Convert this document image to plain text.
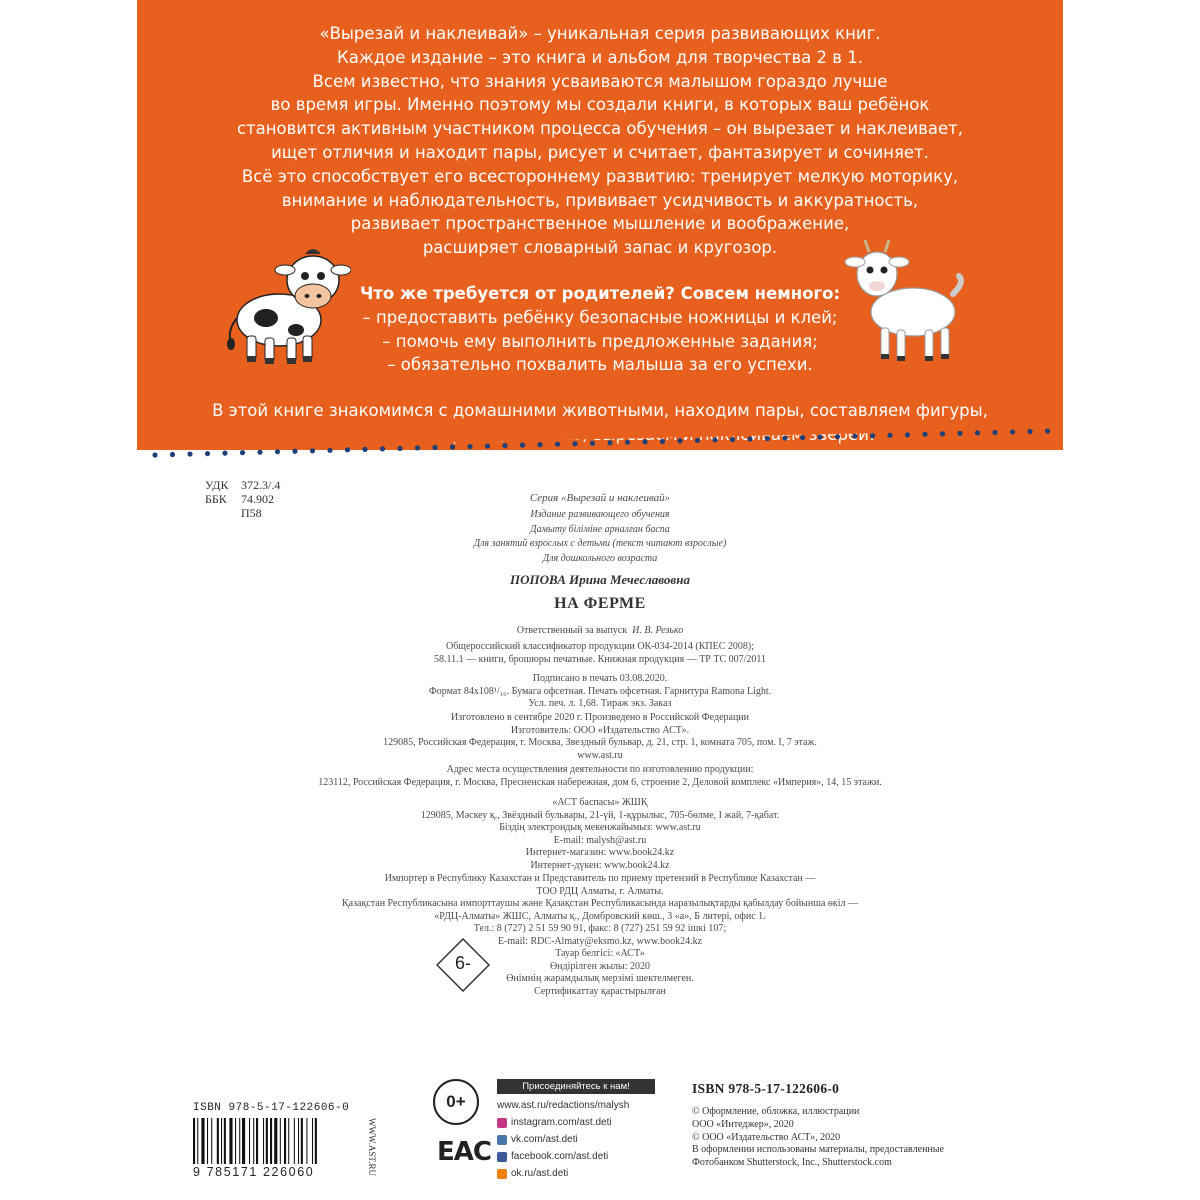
«Вырезай и наклеивай» – уникальная серия развивающих книг.
Каждое издание – это книга и альбом для творчества 2 в 1.
Всем известно, что знания усваиваются малышом гораздо лучше
во время игры. Именно поэтому мы создали книги, в которых ваш ребёнок
становится активным участником процесса обучения – он вырезает и наклеивает,
ищет отличия и находит пары, рисует и считает, фантазирует и сочиняет.
Всё это способствует его всестороннему развитию: тренирует мелкую моторику,
внимание и наблюдательность, прививает усидчивость и аккуратность,
развивает пространственное мышление и воображение,
расширяет словарный запас и кругозор.
Что же требуется от родителей? Совсем немного:
– предоставить ребёнку безопасные ножницы и клей;
– помочь ему выполнить предложенные задания;
– обязательно похвалить малыша за его успехи.
В этой книге знакомимся с домашними животными, находим пары, составляем фигуры,
УДК 372.3/.4
ББК 74.902
П58
Серия «Вырезай и наклеивай»
Издание развивающего обучения
Дамыту бiлiмiне арналған баспа
Для занятий взрослых с детьми (текст читают взрослые)
Для дошкольного возраста
ПОПОВА Ирина Мечеславовна
НА ФЕРМЕ
Ответственный за выпуск И. В. Резько
Общероссийский классификатор продукции ОК-034-2014 (КПЕС 2008);
58.11.1 — книги, брошюры печатные. Книжная продукция — ТР ТС 007/2011
Подписано в печать 03.08.2020.
Формат 84x108¹/₁₆. Бумага офсетная. Печать офсетная. Гарнитура Ramona Light.
Усл. печ. л. 1,68. Тираж экз. Заказ
Изготовлено в сентябре 2020 г. Произведено в Российской Федерации
Изготовитель: ООО «Издательство АСТ».
129085, Российская Федерация, г. Москва, Звездный бульвар, д. 21, стр. 1, комната 705, пом. I, 7 этаж.
www.ast.ru
Адрес места осуществления деятельности по изготовлению продукции:
123112, Российская Федерация, г. Москва, Пресненская набережная, дом 6, строение 2, Деловой комплекс «Империя», 14, 15 этажи.
«АСТ баспасы» ЖШҚ
129085, Мәскеу қ., Звёздный бульвары, 21-үй, 1-құрылыс, 705-бөлме, I жай, 7-қабат.
Біздің электрондық мекенжайымыз: www.ast.ru
E-mail: malysh@ast.ru
Интернет-магазин: www.book24.kz
Интернет-дүкен: www.book24.kz
Импортер в Республику Казахстан и Представитель по приему претензий в Республике Казахстан —
ТОО РДЦ Алматы, г. Алматы.
Қазақстан Республикасына импорттаушы және Қазақстан Республикасында наразылықтарды қабылдау бойынша өкіл —
«РДЦ-Алматы» ЖШС, Алматы қ., Домбровский көш., 3 «а», Б литері, офис 1.
Тел.: 8 (727) 2 51 59 90 91, факс: 8 (727) 251 59 92 ішкі 107;
E-mail: RDC-Almaty@eksmo.kz, www.book24.kz
Тауар белгісі: «АСТ»
Өндірілген жылы: 2020
Өнімнің жарамдылық мерзімі шектелмеген.
Сертификаттау қарастырылған
6-
ISBN 978-5-17-122606-0
9 785171 226060	WWW.AST.RU
0+
EAC
Присоединяйтесь к нам!
www.ast.ru/redactions/malysh
instagram.com/ast.deti
vk.com/ast.deti
facebook.com/ast.deti
ok.ru/ast.deti
ISBN 978-5-17-122606-0
© Оформление, обложка, иллюстрации
ООО «Интеджер», 2020
© ООО «Издательство АСТ», 2020
В оформлении использованы материалы, предоставленные
Фотобанком Shutterstock, Inc., Shutterstock.com
